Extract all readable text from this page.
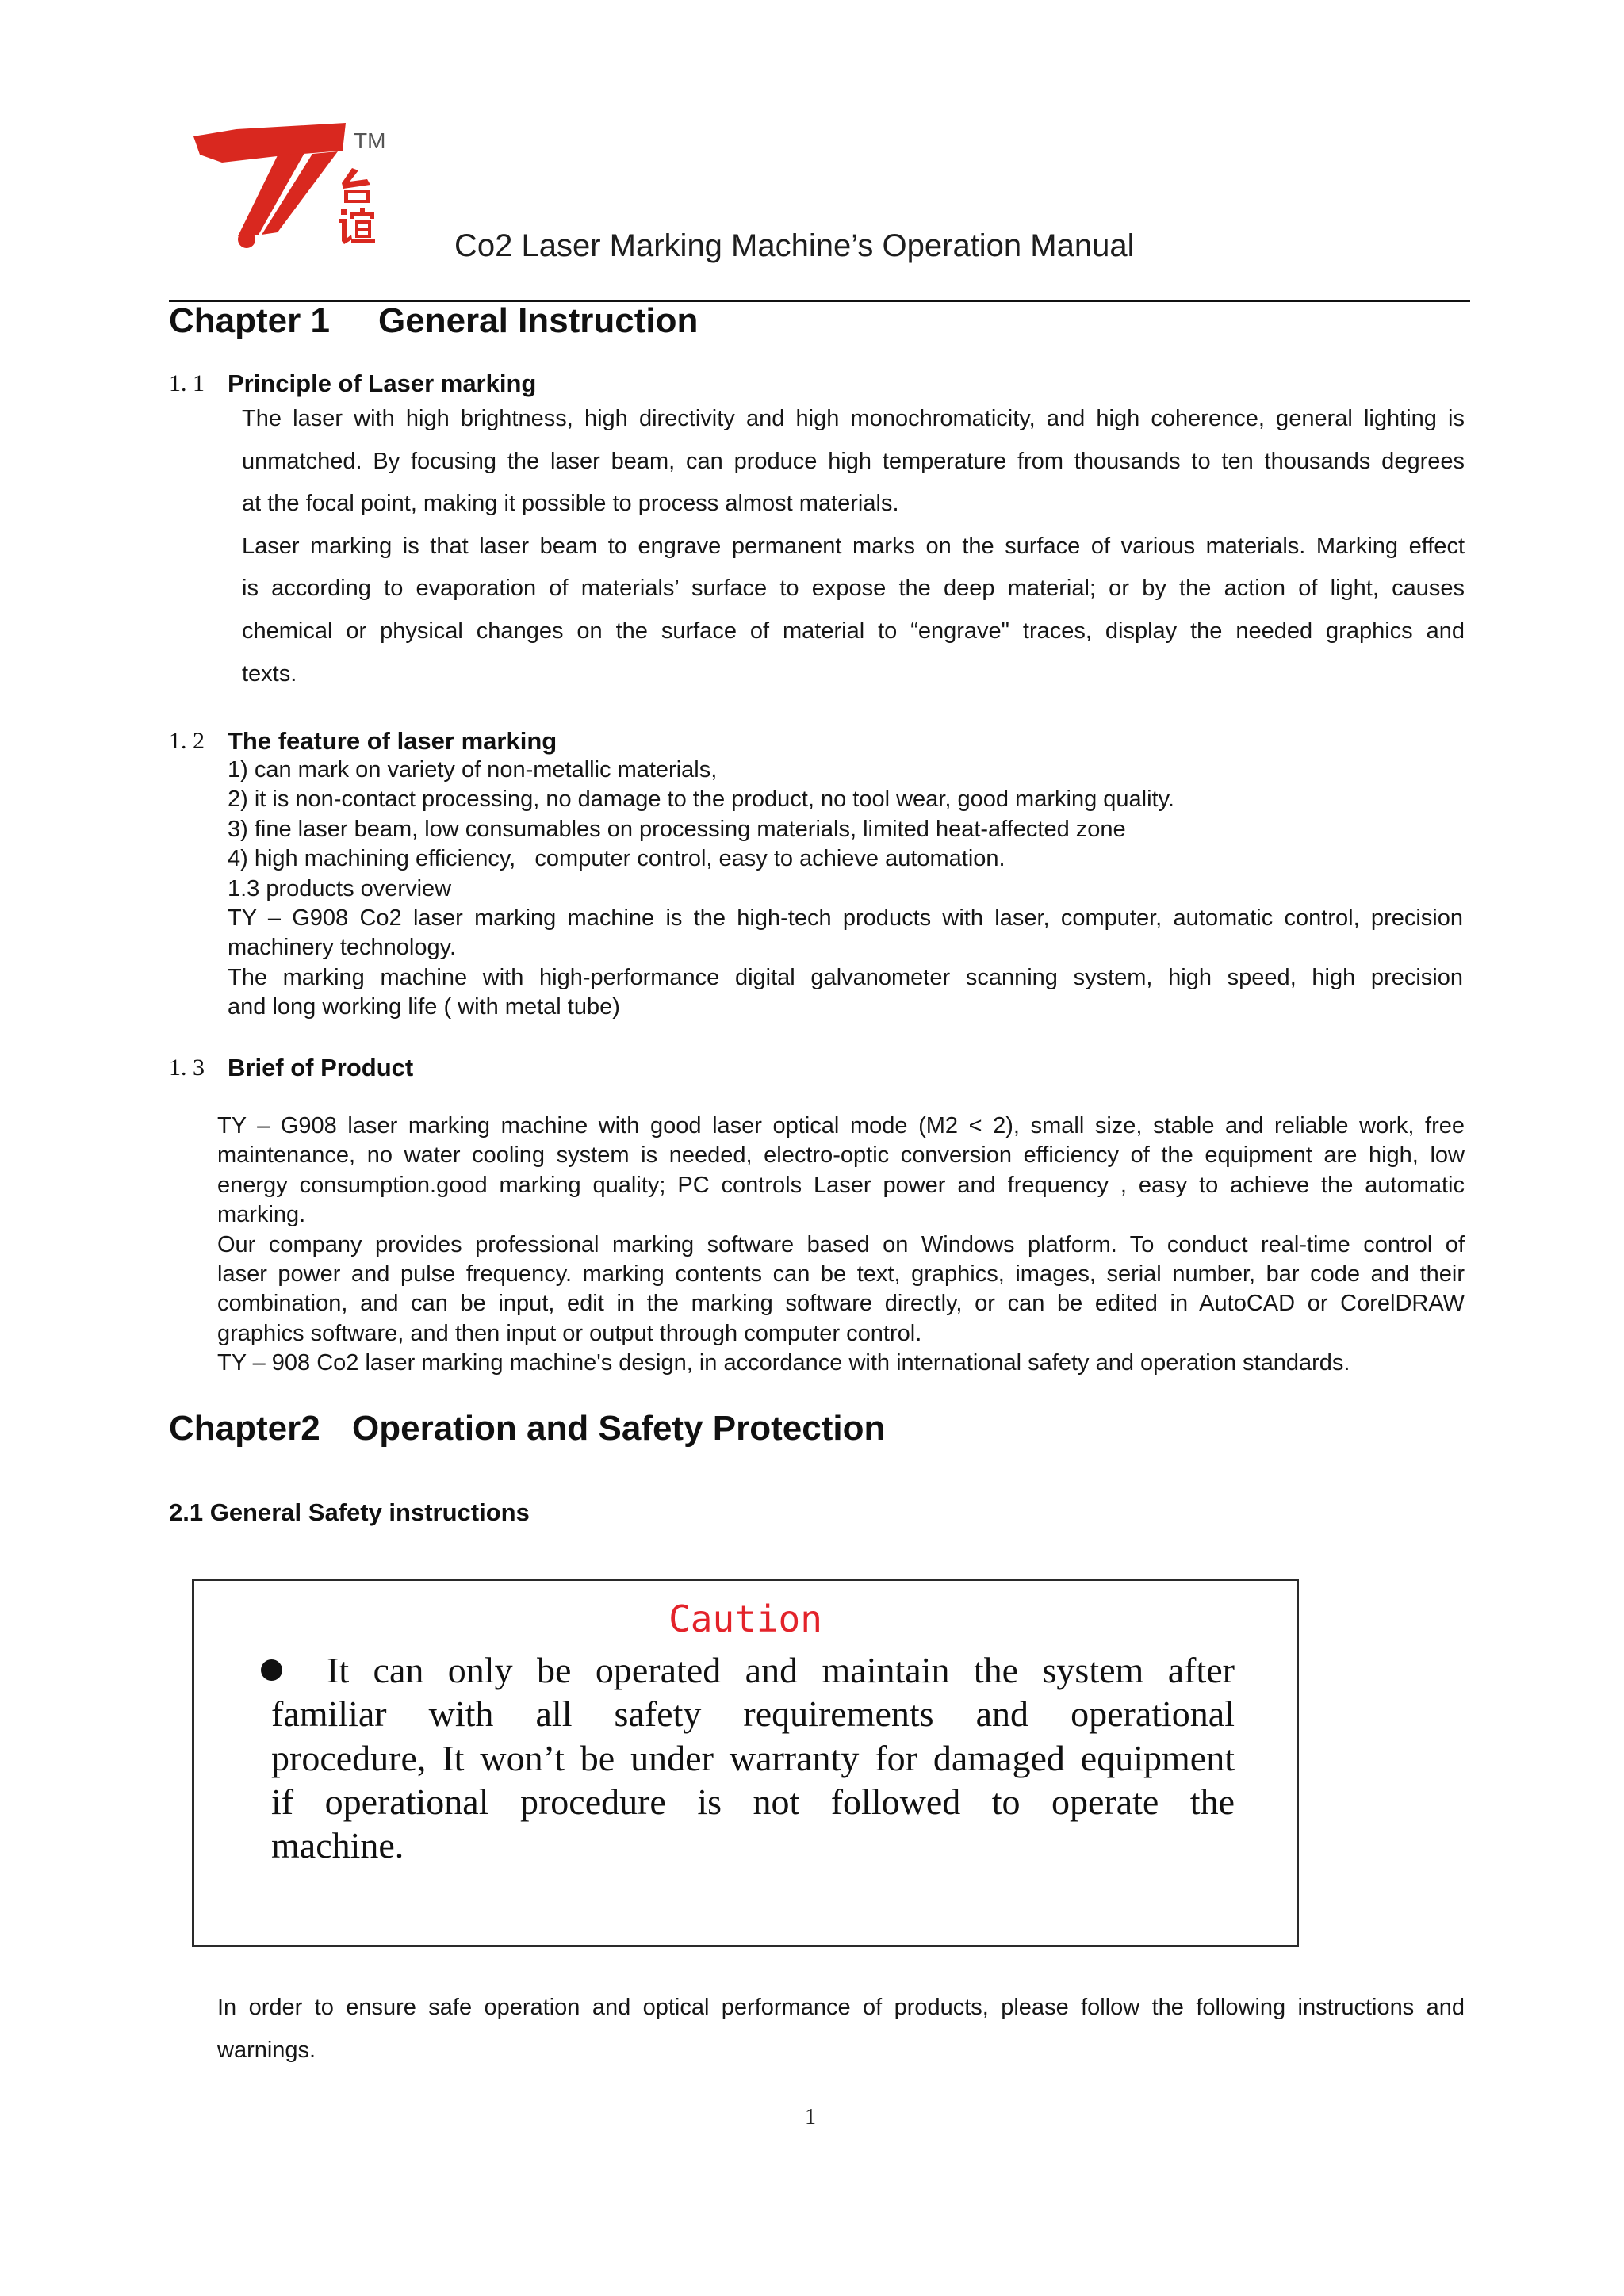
TM
Co2 Laser Marking Machine’s Operation Manual
Chapter 1 General Instruction
1. 1 Principle of Laser marking
The laser with high brightness, high directivity and high monochromaticity, and high coherence, general lighting is
unmatched. By focusing the laser beam, can produce high temperature from thousands to ten thousands degrees
at the focal point, making it possible to process almost materials.
Laser marking is that laser beam to engrave permanent marks on the surface of various materials. Marking effect
is according to evaporation of materials’ surface to expose the deep material; or by the action of light, causes
chemical or physical changes on the surface of material to “engrave" traces, display the needed graphics and
texts.
1. 2 The feature of laser marking
1) can mark on variety of non-metallic materials,
2) it is non-contact processing, no damage to the product, no tool wear, good marking quality.
3) fine laser beam, low consumables on processing materials, limited heat-affected zone
4) high machining efficiency,   computer control, easy to achieve automation.
1.3 products overview
TY – G908 Co2 laser marking machine is the high-tech products with laser, computer, automatic control, precision
machinery technology.
The marking machine with high-performance digital galvanometer scanning system, high speed, high precision
and long working life ( with metal tube)
1. 3 Brief of Product
TY – G908 laser marking machine with good laser optical mode (M2 < 2), small size, stable and reliable work, free
maintenance, no water cooling system is needed, electro-optic conversion efficiency of the equipment are high, low
energy consumption.good marking quality; PC controls Laser power and frequency , easy to achieve the automatic
marking.
Our company provides professional marking software based on Windows platform. To conduct real-time control of
laser power and pulse frequency. marking contents can be text, graphics, images, serial number, bar code and their
combination, and can be input, edit in the marking software directly, or can be edited in AutoCAD or CorelDRAW
graphics software, and then input or output through computer control.
TY – 908 Co2 laser marking machine's design, in accordance with international safety and operation standards.
Chapter2 Operation and Safety Protection
2.1 General Safety instructions
Caution
It can only be operated and maintain the system after
familiar with all safety requirements and operational
procedure, It won’t be under warranty for damaged equipment
if operational procedure is not followed to operate the
machine.
In order to ensure safe operation and optical performance of products, please follow the following instructions and
warnings.
1
